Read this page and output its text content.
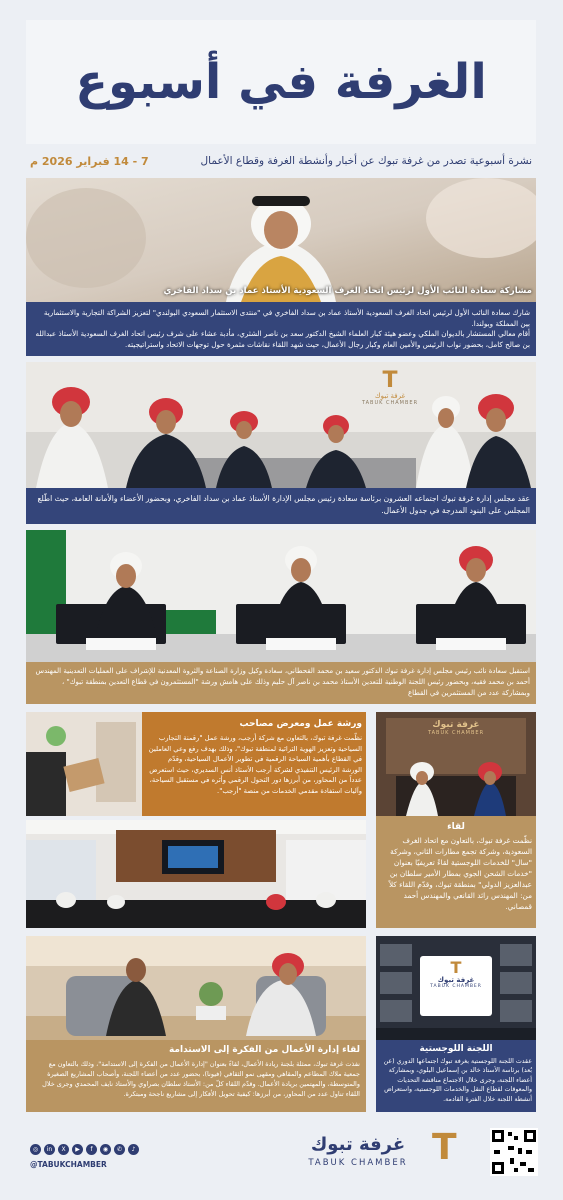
الغرفة في أسبوع
نشرة أسبوعية تصدر من غرفة تبوك عن أخبار وأنشطة الغرفة وقطاع الأعمال
7 - 14 فبراير 2026 م
مشاركة سعادة النائب الأول لرئيس اتحاد الغرف السعودية الأستاذ عماد بن سداد الفاخري
شارك سعادة النائب الأول لرئيس اتحاد الغرف السعودية الأستاذ عماد بن سداد الفاخري في "منتدى الاستثمار السعودي البولندي" لتعزيز الشراكة التجارية والاستثمارية بين المملكة وبولندا.
أقام معالي المستشار بالديوان الملكي وعضو هيئة كبار العلماء الشيخ الدكتور سعد بن ناصر الشثري، مأدبة عشاء على شرف رئيس اتحاد الغرف السعودية الأستاذ عبدالله بن صالح كامل، بحضور نواب الرئيس والأمين العام وكبار رجال الأعمال، حيث شهد اللقاء نقاشات مثمرة حول توجهات الاتحاد واستراتيجيته.
T
غرفة تبوك
TABUK CHAMBER
عقد مجلس إدارة غرفة تبوك اجتماعه العشرون برئاسة سعادة رئيس مجلس الإدارة الأستاذ عماد بن سداد الفاخري، وبحضور الأعضاء والأمانة العامة، حيث اطّلع المجلس على البنود المدرجة في جدول الأعمال.
استقبل سعادة نائب رئيس مجلس إدارة غرفة تبوك الدكتور سعيد بن محمد القحطاني، سعادة وكيل وزارة الصناعة والثروة المعدنية للإشراف على العمليات التعدينية المهندس أحمد بن محمد فقيه، وبحضور رئيس اللجنة الوطنية للتعدين الأستاذ محمد بن ناصر آل حليم وذلك على هامش ورشة "المستثمرون في قطاع التعدين بمنطقة تبوك" ، وبمشاركة عدد من المستثمرين في القطاع
ورشة عمل ومعرض مصاحب
نظّمت غرفة تبوك، بالتعاون مع شركة أرجب، ورشة عمل "رقمنة التجارب السياحية وتعزيز الهوية التراثية لمنطقة تبوك"، وذلك بهدف رفع وعي العاملين في القطاع بأهمية السياحة الرقمية في تطوير الأعمال السياحية، وقدّم الورشة الرئيس التنفيذي لشركة أرجب الأستاذ أنس السديري، حيث استعرض عدداً من المحاور، من أبرزها دور التحول الرقمي وأثره في مستقبل السياحة، وآليات استفادة مقدمي الخدمات من منصة "أرجب".
غرفة تبوك
TABUK CHAMBER
لقاء
نظّمت غرفة تبوك، بالتعاون مع اتحاد الغرف السعودية، وشركة تجمع مطارات الثاني، وشركة "سال" للخدمات اللوجستية لقاءً تعريفيًا بعنوان "خدمات الشحن الجوي بمطار الأمير سلطان بن عبدالعزيز الدولي" بمنطقة تبوك، وقدّم اللقاء كلاً من: المهندس رائد القانعي والمهندس أحمد قمصاني.
لقاء إدارة الأعمال من الفكرة إلى الاستدامة
نفذت غرفة تبوك، ممثلة بلجنة ريادة الأعمال، لقاءً بعنوان "إدارة الأعمال من الفكرة إلى الاستدامة"، وذلك بالتعاون مع جمعية ملاك المطاعم والمقاهي ومقهى نمو الثقافي (فيونا)، بحضور عدد من أعضاء اللجنة، وأصحاب المشاريع الصغيرة والمتوسطة، والمهتمين بريادة الأعمال. وقدّم اللقاء كلّ من: الأستاذ سلطان بصراوي والأستاذ نايف المحمدي وجرى خلال اللقاء تناول عدد من المحاور، من أبرزها: كيفية تحويل الأفكار إلى مشاريع ناجحة ومبتكرة.
T
غرفة تبوك
TABUK CHAMBER
اللجنة اللوجستية
عقدت اللجنة اللوجستية بغرفة تبوك اجتماعها الدوري (عن بُعد) برئاسة الأستاذ خالد بن إسماعيل البلوي، وبمشاركة أعضاء اللجنة، وجرى خلال الاجتماع مناقشة التحديات والمعوقات لقطاع النقل والخدمات اللوجستية، واستعراض أنشطة اللجنة خلال الفترة القادمة.
T
غرفة تبوك
TABUK CHAMBER
◎	in	X	▶	f	◉	✆	♪
@TABUKCHAMBER
